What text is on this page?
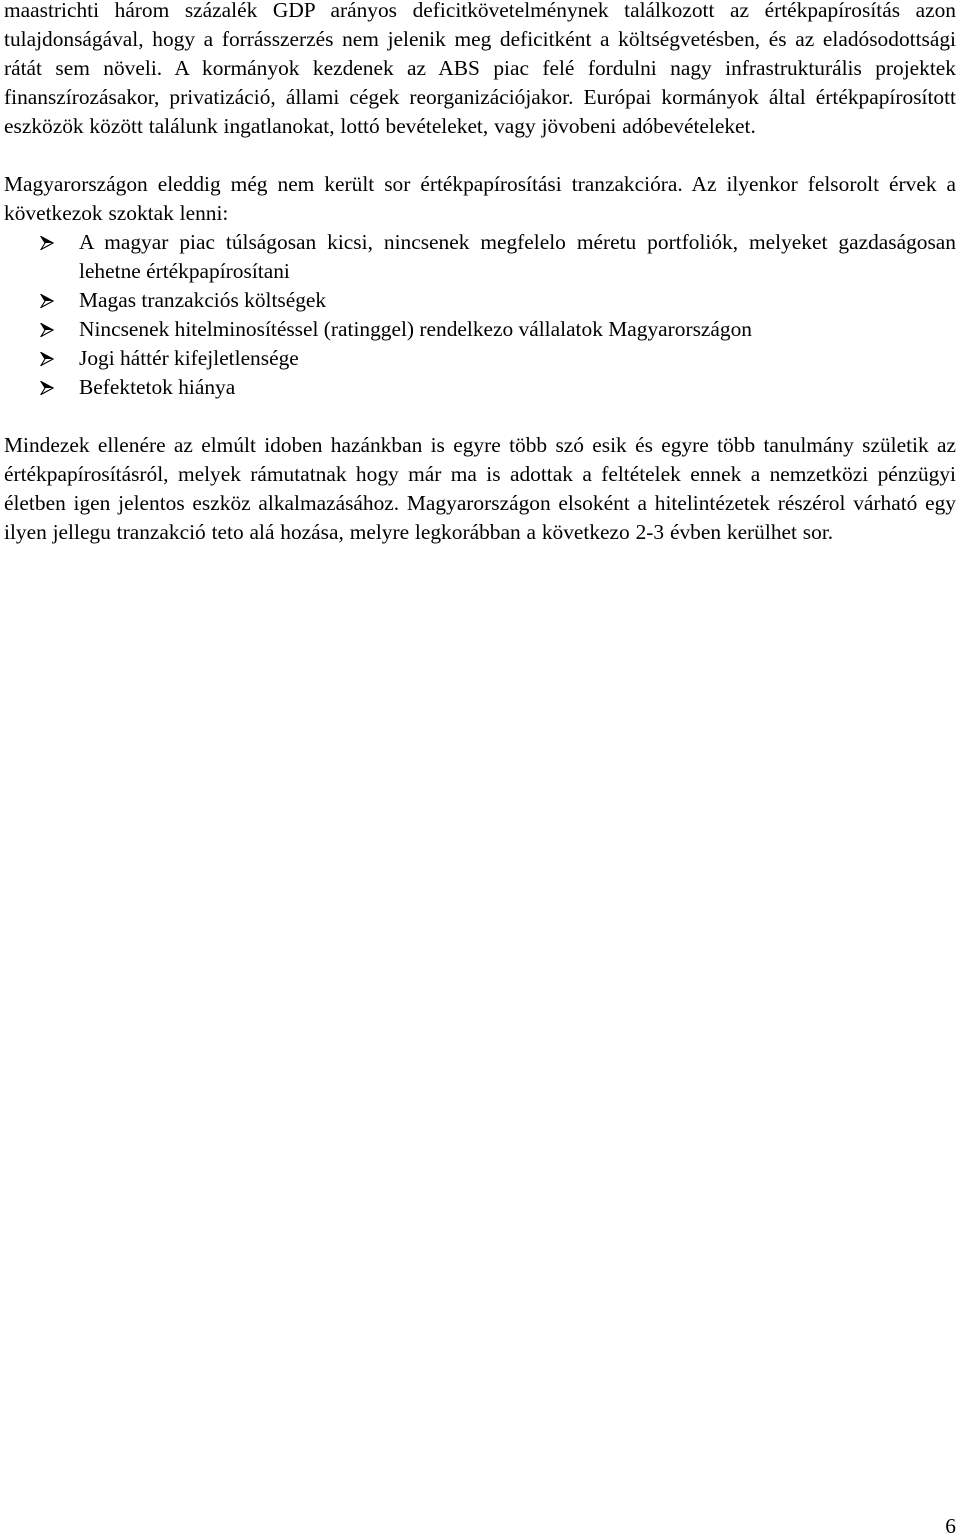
maastrichti három százalék GDP arányos deficitkövetelménynek találkozott az értékpapírosítás azon tulajdonságával, hogy a forrásszerzés nem jelenik meg deficitként a költségvetésben, és az eladósodottsági rátát sem növeli. A kormányok kezdenek az ABS piac felé fordulni nagy infrastrukturális projektek finanszírozásakor, privatizáció, állami cégek reorganizációjakor. Európai kormányok által értékpapírosított eszközök között találunk ingatlanokat, lottó bevételeket, vagy jövobeni adóbevételeket.

Magyarországon eleddig még nem került sor értékpapírosítási tranzakcióra. Az ilyenkor felsorolt érvek a következok szoktak lenni:

A magyar piac túlságosan kicsi, nincsenek megfelelo méretu portfoliók, melyeket gazdaságosan lehetne értékpapírosítani
Magas tranzakciós költségek
Nincsenek hitelminosítéssel (ratinggel) rendelkezo vállalatok Magyarországon
Jogi háttér kifejletlensége
Befektetok hiánya

Mindezek ellenére az elmúlt idoben hazánkban is egyre több szó esik és egyre több tanulmány születik az értékpapírosításról, melyek rámutatnak hogy már ma is adottak a feltételek ennek a nemzetközi pénzügyi életben igen jelentos eszköz alkalmazásához. Magyarországon elsoként a hitelintézetek részérol várható egy ilyen jellegu tranzakció teto alá hozása, melyre legkorábban a következo 2-3 évben kerülhet sor.

6
